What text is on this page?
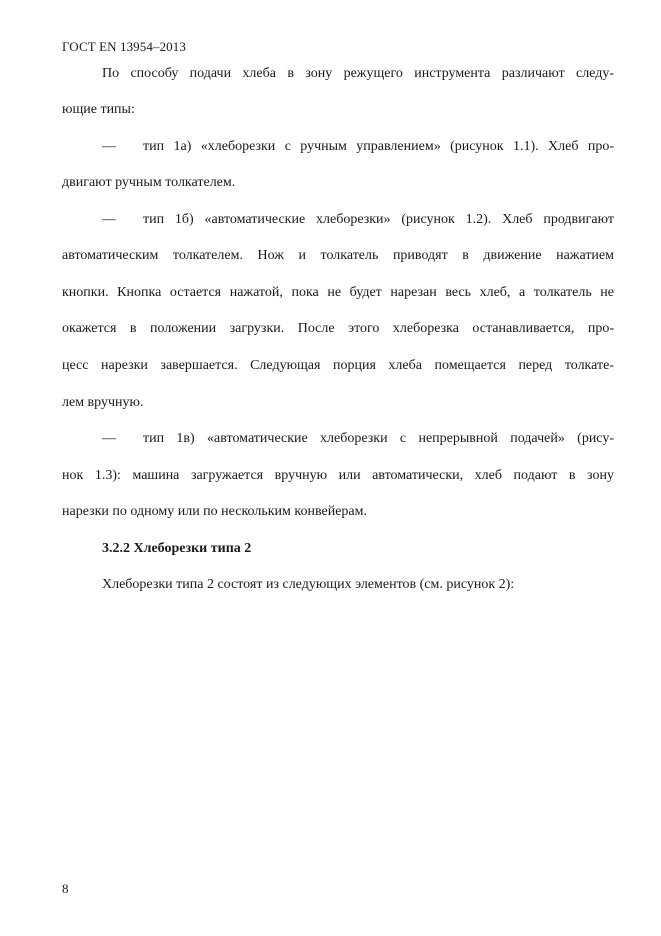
ГОСТ EN 13954–2013
По способу подачи хлеба в зону режущего инструмента различают следу-
ющие типы:
— тип 1а) «хлеборезки с ручным управлением» (рисунок 1.1). Хлеб про-
двигают ручным толкателем.
— тип 1б) «автоматические хлеборезки» (рисунок 1.2). Хлеб продвигают
автоматическим толкателем. Нож и толкатель приводят в движение нажатием
кнопки. Кнопка остается нажатой, пока не будет нарезан весь хлеб, а толкатель не
окажется в положении загрузки. После этого хлеборезка останавливается, про-
цесс нарезки завершается. Следующая порция хлеба помещается перед толкате-
лем вручную.
— тип 1в) «автоматические хлеборезки с непрерывной подачей» (рису-
нок 1.3): машина загружается вручную или автоматически, хлеб подают в зону
нарезки по одному или по нескольким конвейерам.
3.2.2 Хлеборезки типа 2
Хлеборезки типа 2 состоят из следующих элементов (см. рисунок 2):
8
